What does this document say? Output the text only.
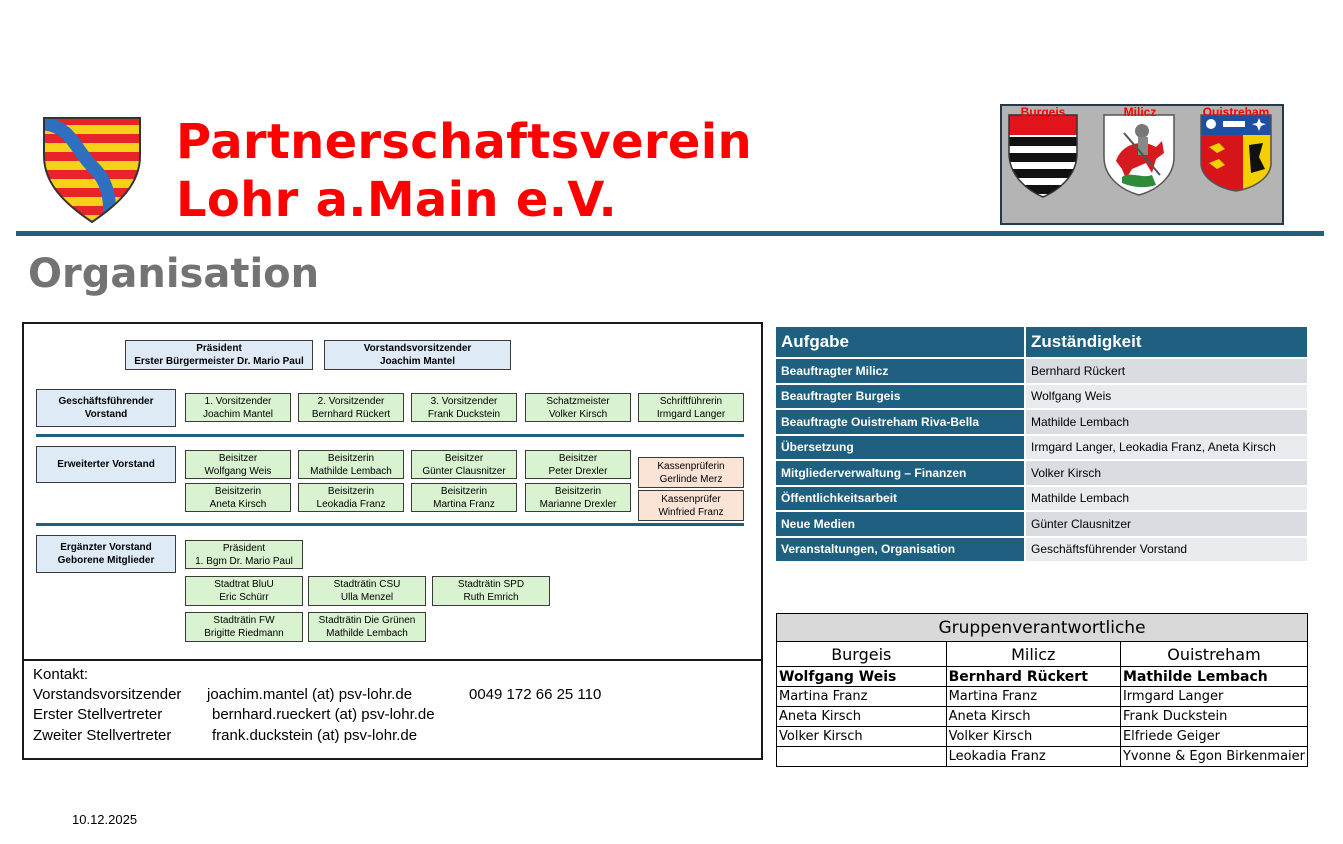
Partnerschaftsverein
Lohr a.Main e.V.
Burgeis	Milicz	Ouistreham
Organisation
Präsident
Erster Bürgermeister Dr. Mario Paul
Vorstandsvorsitzender
Joachim Mantel
Geschäftsführender
Vorstand
1. Vorsitzender
Joachim Mantel
2. Vorsitzender
Bernhard Rückert
3. Vorsitzender
Frank Duckstein
Schatzmeister
Volker Kirsch
Schriftführerin
Irmgard Langer
Erweiterter Vorstand
Beisitzer
Wolfgang Weis
Beisitzerin
Mathilde Lembach
Beisitzer
Günter Clausnitzer
Beisitzer
Peter Drexler
Beisitzerin
Aneta Kirsch
Beisitzerin
Leokadia Franz
Beisitzerin
Martina Franz
Beisitzerin
Marianne Drexler
Kassenprüferin
Gerlinde Merz
Kassenprüfer
Winfried Franz
Ergänzter Vorstand
Geborene Mitglieder
Präsident
1. Bgm Dr. Mario Paul
Stadtrat BluU
Eric Schürr
Stadträtin CSU
Ulla Menzel
Stadträtin SPD
Ruth Emrich
Stadträtin FW
Brigitte Riedmann
Stadträtin Die Grünen
Mathilde Lembach
Kontakt:
Vorstandsvorsitzender joachim.mantel (at) psv-lohr.de	0049 172 66 25 110
Erster Stellvertreter	bernhard.rueckert (at) psv-lohr.de
Zweiter Stellvertreter	frank.duckstein (at) psv-lohr.de
Aufgabe	Zuständigkeit
Beauftragter Milicz	Bernhard Rückert
Beauftragter Burgeis	Wolfgang Weis
Beauftragte Ouistreham Riva-Bella	Mathilde Lembach
Übersetzung	Irmgard Langer, Leokadia Franz, Aneta Kirsch
Mitgliederverwaltung – Finanzen	Volker Kirsch
Öffentlichkeitsarbeit	Mathilde Lembach
Neue Medien	Günter Clausnitzer
Veranstaltungen, Organisation	Geschäftsführender Vorstand
Gruppenverantwortliche		
Burgeis	Milicz	Ouistreham
Wolfgang Weis	Bernhard Rückert	Mathilde Lembach
Martina Franz	Martina Franz	Irmgard Langer
Aneta Kirsch	Aneta Kirsch	Frank Duckstein
Volker Kirsch	Volker Kirsch	Elfriede Geiger
	Leokadia Franz	Yvonne & Egon Birkenmaier
10.12.2025
